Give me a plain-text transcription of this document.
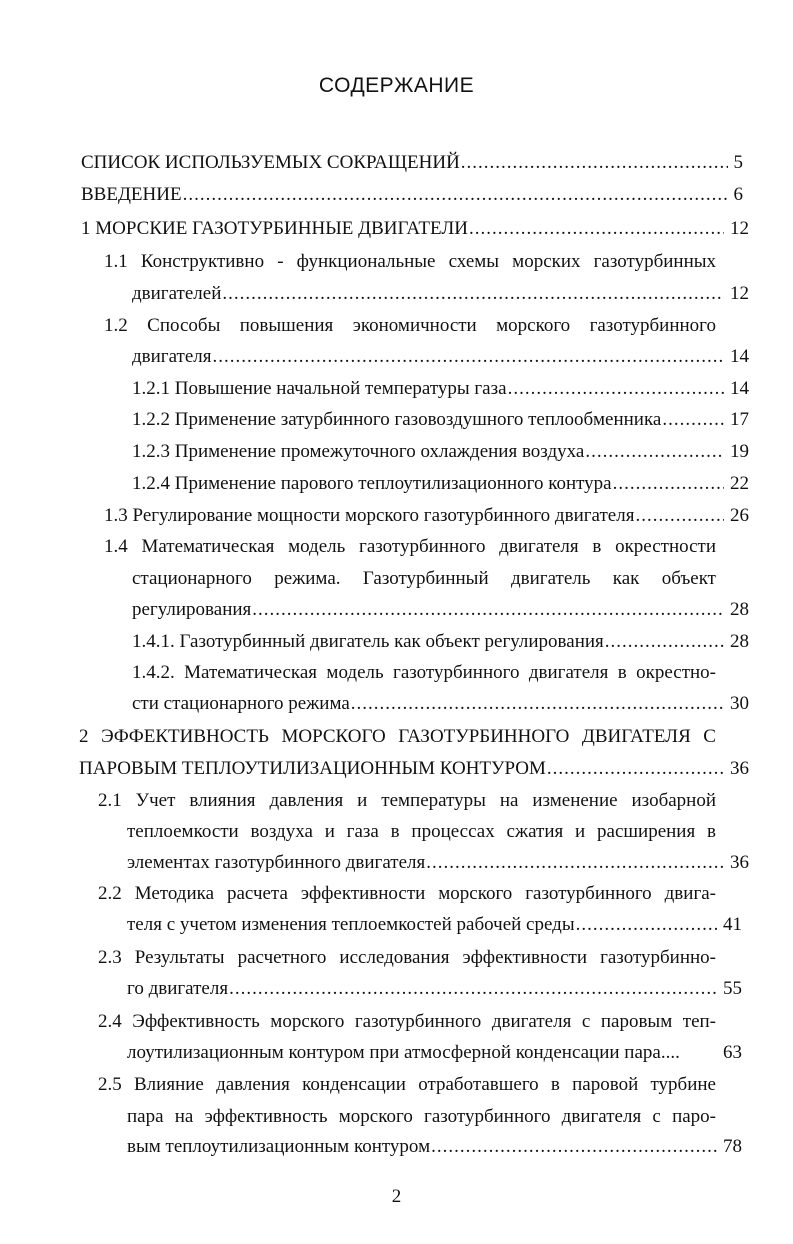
СОДЕРЖАНИЕ
СПИСОК ИСПОЛЬЗУЕМЫХ СОКРАЩЕНИЙ .....	5
ВВЕДЕНИЕ .....	6
1 МОРСКИЕ ГАЗОТУРБИННЫЕ ДВИГАТЕЛИ .....	12
1.1 Конструктивно - функциональные схемы морских газотурбинных
двигателей .....	12
1.2 Способы повышения экономичности морского газотурбинного
двигателя .....	14
1.2.1 Повышение начальной температуры газа .....	14
1.2.2 Применение затурбинного газовоздушного теплообменника .....	17
1.2.3 Применение промежуточного охлаждения воздуха .....	19
1.2.4 Применение парового теплоутилизационного контура .....	22
1.3 Регулирование мощности морского газотурбинного двигателя .....	26
1.4 Математическая модель газотурбинного двигателя в окрестности
стационарного режима. Газотурбинный двигатель как объект
регулирования .....	28
1.4.1. Газотурбинный двигатель как объект регулирования .....	28
1.4.2. Математическая модель газотурбинного двигателя в окрестно-
сти стационарного режима .....	30
2 ЭФФЕКТИВНОСТЬ МОРСКОГО ГАЗОТУРБИННОГО ДВИГАТЕЛЯ С
ПАРОВЫМ ТЕПЛОУТИЛИЗАЦИОННЫМ КОНТУРОМ .....	36
2.1 Учет влияния давления и температуры на изменение изобарной
теплоемкости воздуха и газа в процессах сжатия и расширения в
элементах газотурбинного двигателя .....	36
2.2 Методика расчета эффективности морского газотурбинного двига-
теля с учетом изменения теплоемкостей рабочей среды .....	41
2.3 Результаты расчетного исследования эффективности газотурбинно-
го двигателя .....	55
2.4 Эффективность морского газотурбинного двигателя с паровым теп-
лоутилизационным контуром при атмосферной конденсации пара.... 63
2.5 Влияние давления конденсации отработавшего в паровой турбине
пара на эффективность морского газотурбинного двигателя с паро-
вым теплоутилизационным контуром .....	78
2
